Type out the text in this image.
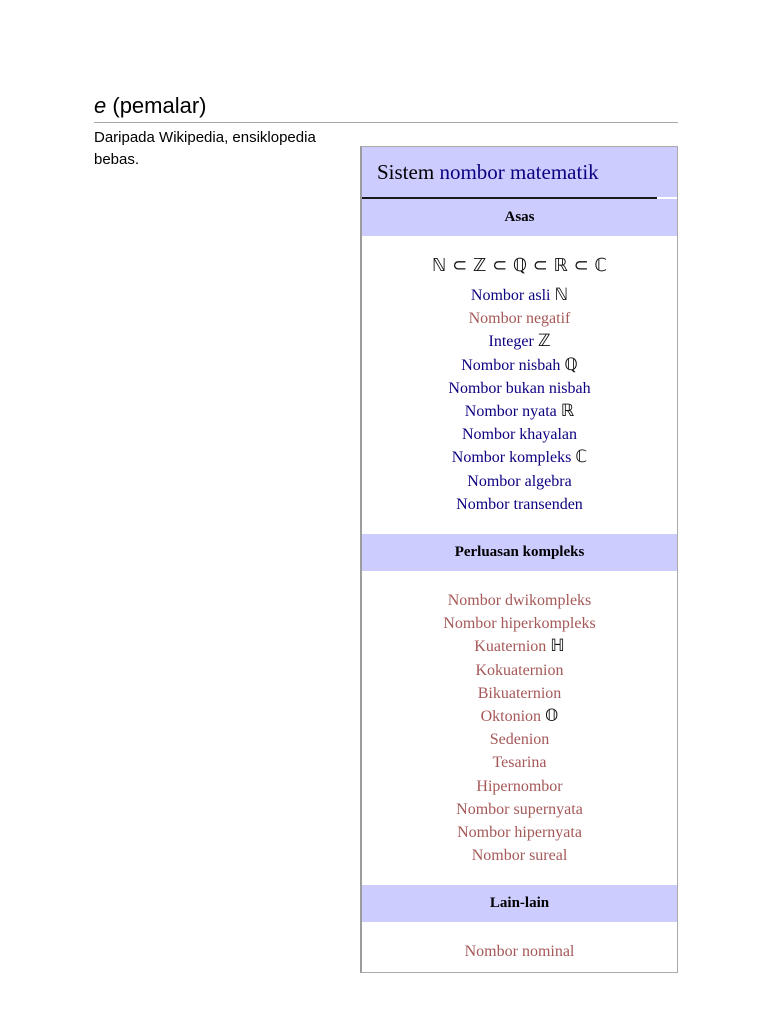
e (pemalar)
Daripada Wikipedia, ensiklopedia bebas.
Sistem nombor matematik
Asas
ℕ ⊂ ℤ ⊂ ℚ ⊂ ℝ ⊂ ℂ
Nombor asli ℕ
Nombor negatif
Integer ℤ
Nombor nisbah ℚ
Nombor bukan nisbah
Nombor nyata ℝ
Nombor khayalan
Nombor kompleks ℂ
Nombor algebra
Nombor transenden
Perluasan kompleks
Nombor dwikompleks
Nombor hiperkompleks
Kuaternion ℍ
Kokuaternion
Bikuaternion
Oktonion 𝕆
Sedenion
Tesarina
Hipernombor
Nombor supernyata
Nombor hipernyata
Nombor sureal
Lain-lain
Nombor nominal
